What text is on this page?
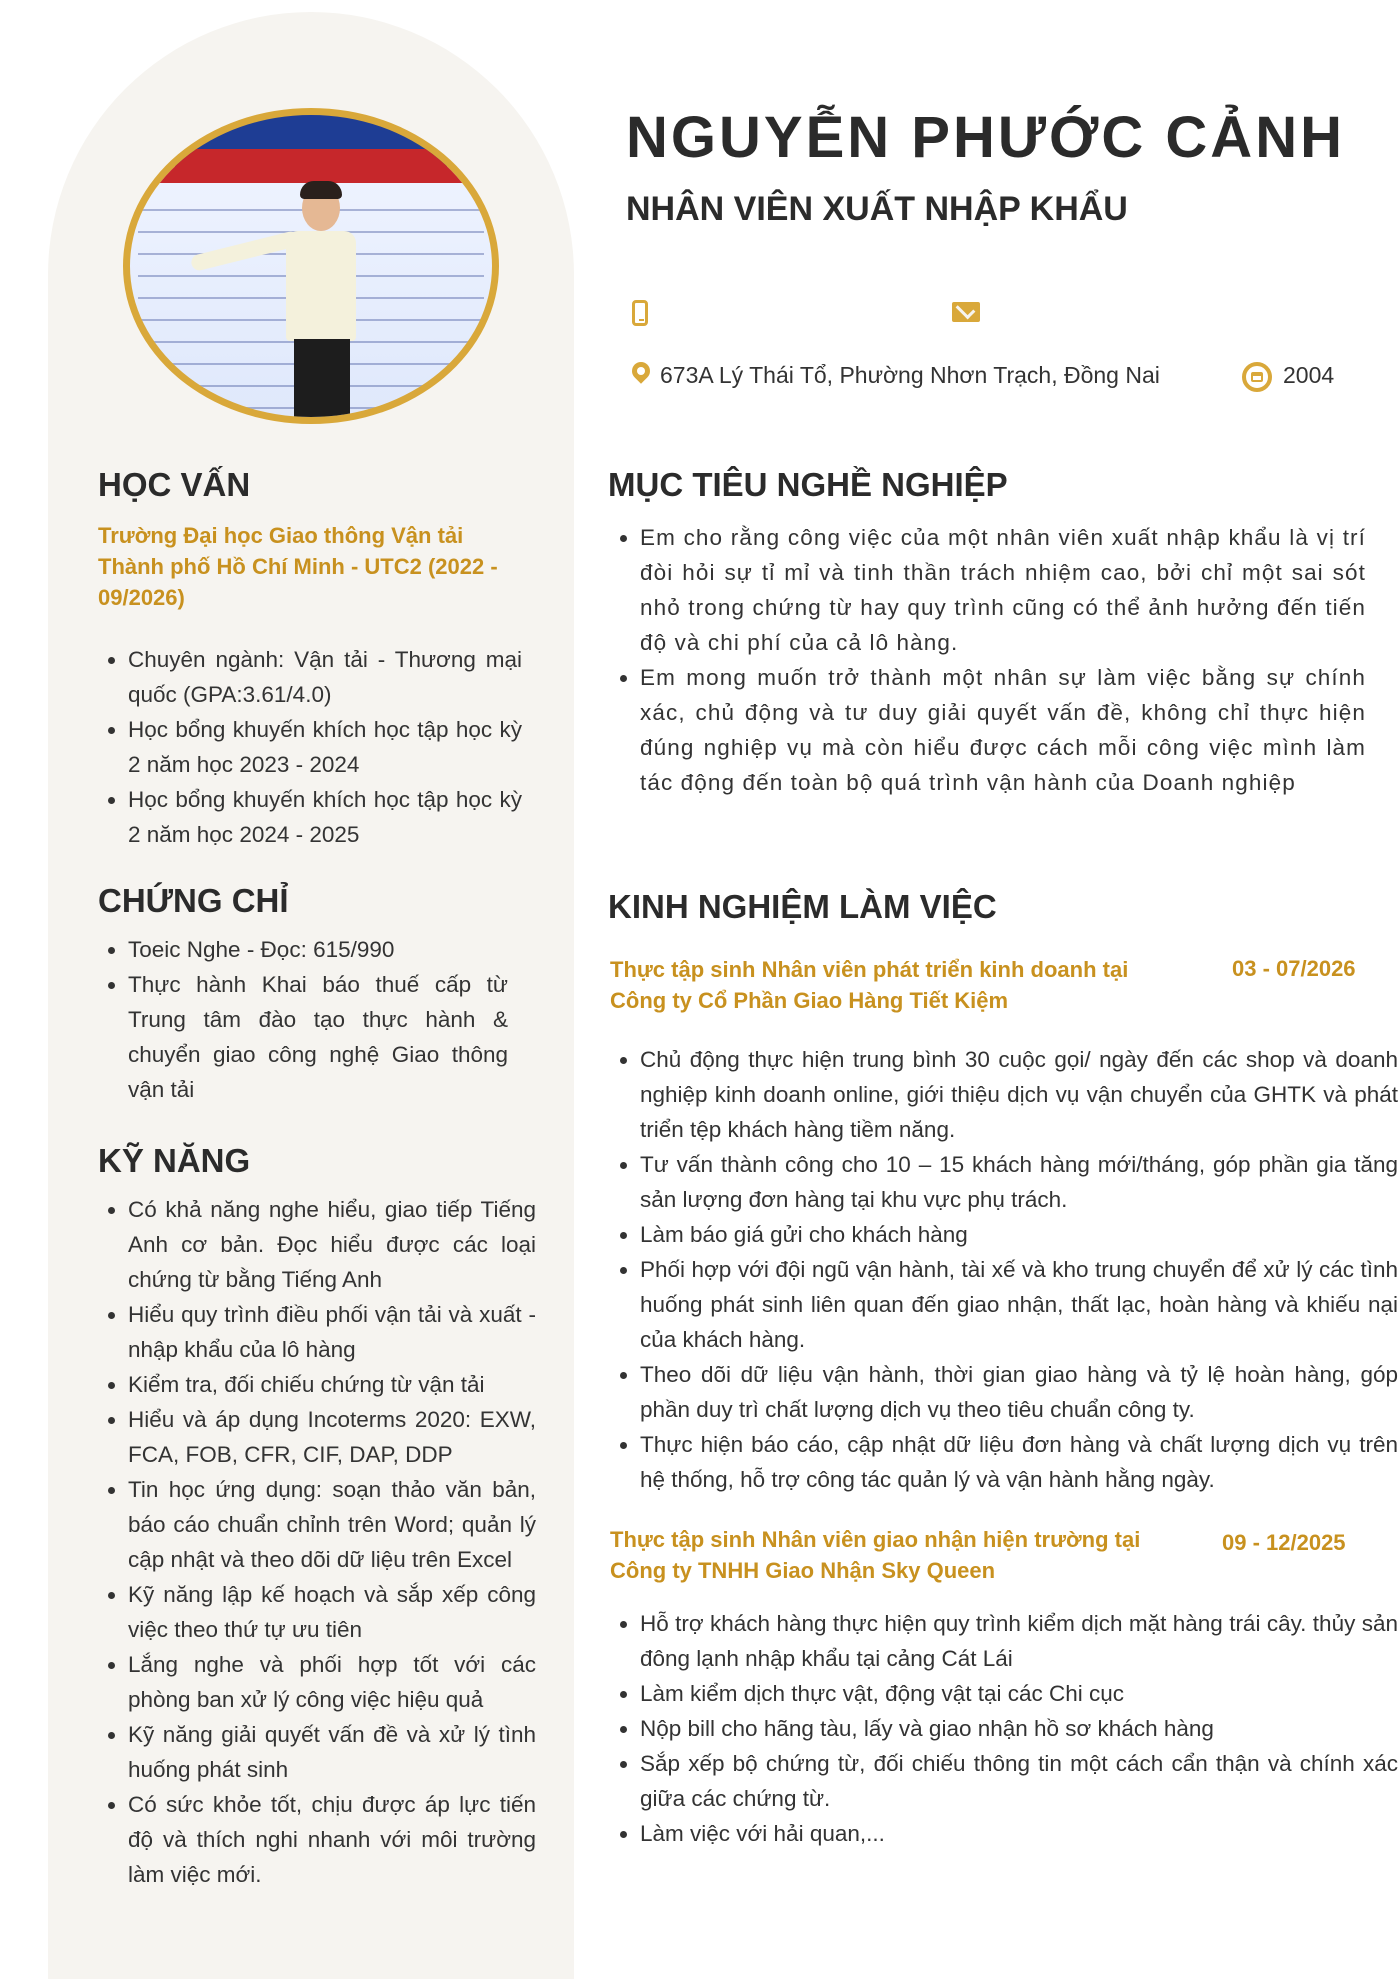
NGUYỄN PHƯỚC CẢNH
NHÂN VIÊN XUẤT NHẬP KHẨU
673A Lý Thái Tổ, Phường Nhơn Trạch, Đồng Nai	2004
HỌC VẤN

Trường Đại học Giao thông Vận tải Thành phố Hồ Chí Minh - UTC2 (2022 - 09/2026)

• Chuyên ngành: Vận tải - Thương mại quốc (GPA:3.61/4.0)
• Học bổng khuyến khích học tập học kỳ 2 năm học 2023 - 2024
• Học bổng khuyến khích học tập học kỳ 2 năm học 2024 - 2025
CHỨNG CHỈ
• Toeic Nghe - Đọc: 615/990
• Thực hành Khai báo thuế cấp từ Trung tâm đào tạo thực hành & chuyển giao công nghệ Giao thông vận tải
KỸ NĂNG
• Có khả năng nghe hiểu, giao tiếp Tiếng Anh cơ bản. Đọc hiểu được các loại chứng từ bằng Tiếng Anh
• Hiểu quy trình điều phối vận tải và xuất - nhập khẩu của lô hàng
• Kiểm tra, đối chiếu chứng từ vận tải
• Hiểu và áp dụng Incoterms 2020: EXW, FCA, FOB, CFR, CIF, DAP, DDP
• Tin học ứng dụng: soạn thảo văn bản, báo cáo chuẩn chỉnh trên Word; quản lý cập nhật và theo dõi dữ liệu trên Excel
• Kỹ năng lập kế hoạch và sắp xếp công việc theo thứ tự ưu tiên
• Lắng nghe và phối hợp tốt với các phòng ban xử lý công việc hiệu quả
• Kỹ năng giải quyết vấn đề và xử lý tình huống phát sinh
• Có sức khỏe tốt, chịu được áp lực tiến độ và thích nghi nhanh với môi trường làm việc mới.
MỤC TIÊU NGHỀ NGHIỆP
• Em cho rằng công việc của một nhân viên xuất nhập khẩu là vị trí đòi hỏi sự tỉ mỉ và tinh thần trách nhiệm cao, bởi chỉ một sai sót nhỏ trong chứng từ hay quy trình cũng có thể ảnh hưởng đến tiến độ và chi phí của cả lô hàng.
• Em mong muốn trở thành một nhân sự làm việc bằng sự chính xác, chủ động và tư duy giải quyết vấn đề, không chỉ thực hiện đúng nghiệp vụ mà còn hiểu được cách mỗi công việc mình làm tác động đến toàn bộ quá trình vận hành của Doanh nghiệp
KINH NGHIỆM LÀM VIỆC

Thực tập sinh Nhân viên phát triển kinh doanh tại Công ty Cổ Phần Giao Hàng Tiết Kiệm

03 - 07/2026

• Chủ động thực hiện trung bình 30 cuộc gọi/ ngày đến các shop và doanh nghiệp kinh doanh online, giới thiệu dịch vụ vận chuyển của GHTK và phát triển tệp khách hàng tiềm năng.
• Tư vấn thành công cho 10 – 15 khách hàng mới/tháng, góp phần gia tăng sản lượng đơn hàng tại khu vực phụ trách.
• Làm báo giá gửi cho khách hàng
• Phối hợp với đội ngũ vận hành, tài xế và kho trung chuyển để xử lý các tình huống phát sinh liên quan đến giao nhận, thất lạc, hoàn hàng và khiếu nại của khách hàng.
• Theo dõi dữ liệu vận hành, thời gian giao hàng và tỷ lệ hoàn hàng, góp phần duy trì chất lượng dịch vụ theo tiêu chuẩn công ty.
• Thực hiện báo cáo, cập nhật dữ liệu đơn hàng và chất lượng dịch vụ trên hệ thống, hỗ trợ công tác quản lý và vận hành hằng ngày.

Thực tập sinh Nhân viên giao nhận hiện trường tại Công ty TNHH Giao Nhận Sky Queen

09 - 12/2025

• Hỗ trợ khách hàng thực hiện quy trình kiểm dịch mặt hàng trái cây. thủy sản đông lạnh nhập khẩu tại cảng Cát Lái
• Làm kiểm dịch thực vật, động vật tại các Chi cục
• Nộp bill cho hãng tàu, lấy và giao nhận hồ sơ khách hàng
• Sắp xếp bộ chứng từ, đối chiếu thông tin một cách cẩn thận và chính xác giữa các chứng từ.
• Làm việc với hải quan,...
